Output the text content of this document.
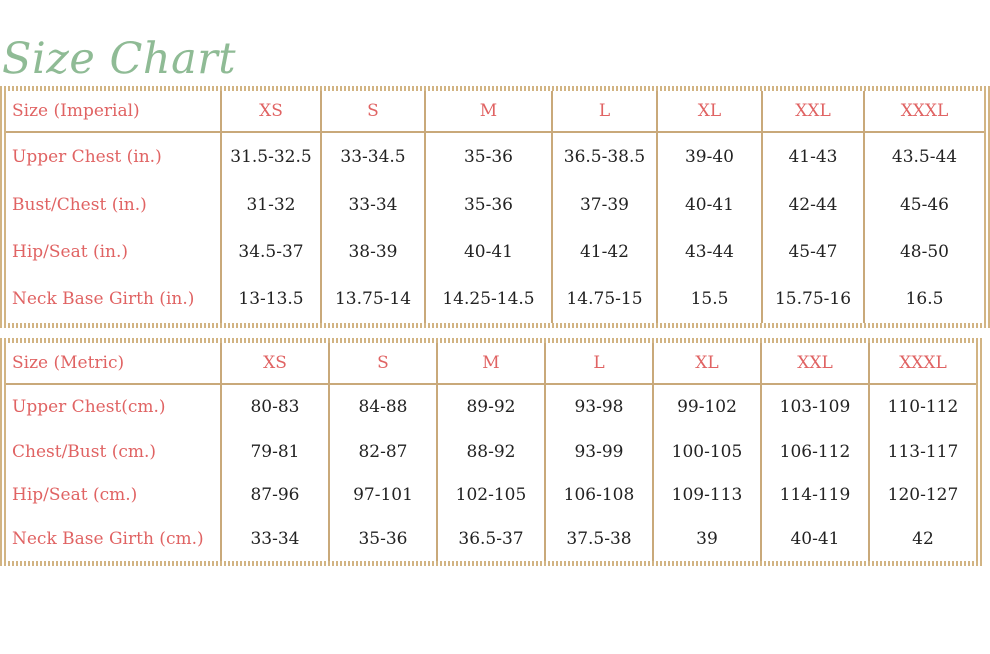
Size Chart
Size (Imperial)	XS	S	M	L	XL	XXL	XXXL
Upper Chest (in.)	31.5-32.5	33-34.5	35-36	36.5-38.5	39-40	41-43	43.5-44
Bust/Chest (in.)	31-32	33-34	35-36	37-39	40-41	42-44	45-46
Hip/Seat (in.)	34.5-37	38-39	40-41	41-42	43-44	45-47	48-50
Neck Base Girth (in.)	13-13.5	13.75-14	14.25-14.5	14.75-15	15.5	15.75-16	16.5
Size (Metric)	XS	S	M	L	XL	XXL	XXXL
Upper Chest(cm.)	80-83	84-88	89-92	93-98	99-102	103-109	110-112
Chest/Bust (cm.)	79-81	82-87	88-92	93-99	100-105	106-112	113-117
Hip/Seat (cm.)	87-96	97-101	102-105	106-108	109-113	114-119	120-127
Neck Base Girth (cm.)	33-34	35-36	36.5-37	37.5-38	39	40-41	42
